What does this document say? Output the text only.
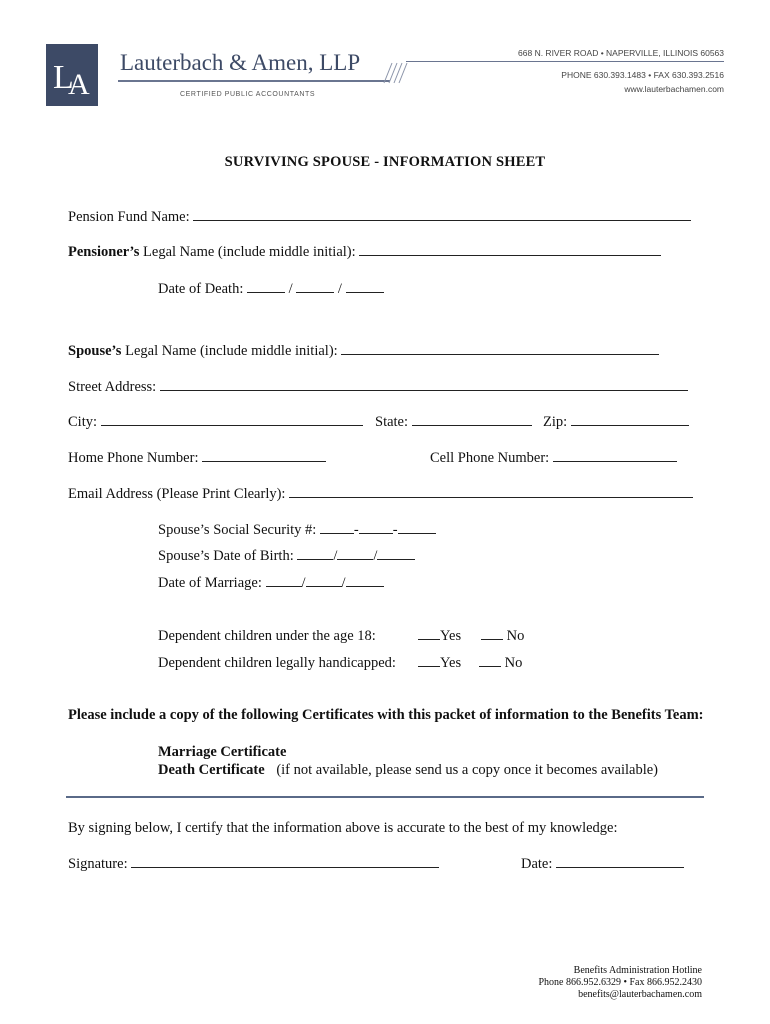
L
A
Lauterbach & Amen, LLP
CERTIFIED PUBLIC ACCOUNTANTS
668 N. RIVER ROAD • NAPERVILLE, ILLINOIS 60563
PHONE 630.393.1483 • FAX 630.393.2516
www.lauterbachamen.com
SURVIVING SPOUSE - INFORMATION SHEET
Pension Fund Name:
Pensioner’s Legal Name (include middle initial):
Date of Death:	/	/
Spouse’s Legal Name (include middle initial):
Street Address:
City:	State:	Zip:
Home Phone Number:	Cell Phone Number:
Email Address (Please Print Clearly):
Spouse’s Social Security #:	- -
Spouse’s Date of Birth:	/ /
Date of Marriage:	/ /
Dependent children under the age 18:	Yes	No
Dependent children legally handicapped:	Yes	No
Please include a copy of the following Certificates with this packet of information to the Benefits Team:
Marriage Certificate
Death Certificate (if not available, please send us a copy once it becomes available)
By signing below, I certify that the information above is accurate to the best of my knowledge:
Signature:	Date:
Benefits Administration Hotline
Phone 866.952.6329 • Fax 866.952.2430
benefits@lauterbachamen.com
